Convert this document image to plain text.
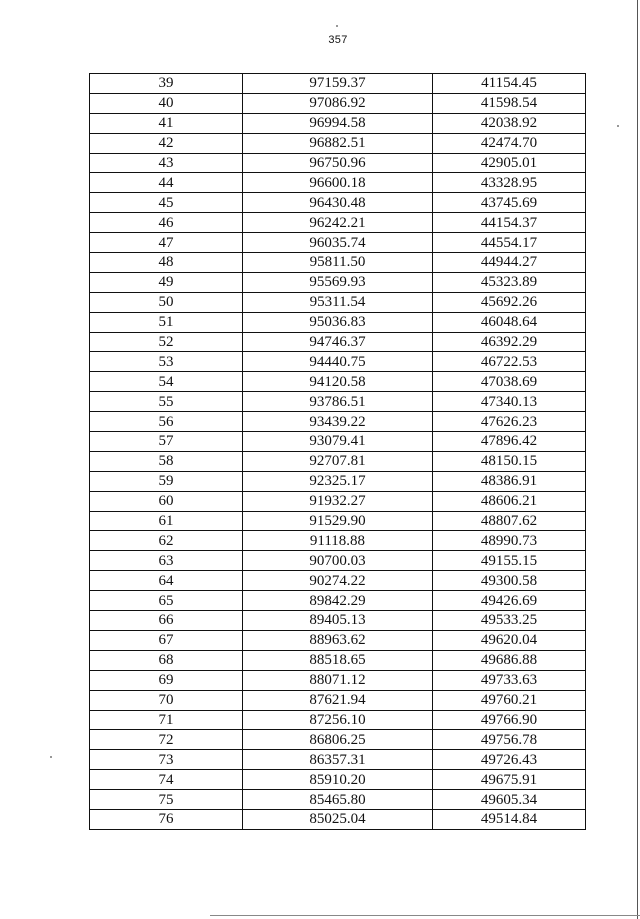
357
39	97159.37	41154.45
40	97086.92	41598.54
41	96994.58	42038.92
42	96882.51	42474.70
43	96750.96	42905.01
44	96600.18	43328.95
45	96430.48	43745.69
46	96242.21	44154.37
47	96035.74	44554.17
48	95811.50	44944.27
49	95569.93	45323.89
50	95311.54	45692.26
51	95036.83	46048.64
52	94746.37	46392.29
53	94440.75	46722.53
54	94120.58	47038.69
55	93786.51	47340.13
56	93439.22	47626.23
57	93079.41	47896.42
58	92707.81	48150.15
59	92325.17	48386.91
60	91932.27	48606.21
61	91529.90	48807.62
62	91118.88	48990.73
63	90700.03	49155.15
64	90274.22	49300.58
65	89842.29	49426.69
66	89405.13	49533.25
67	88963.62	49620.04
68	88518.65	49686.88
69	88071.12	49733.63
70	87621.94	49760.21
71	87256.10	49766.90
72	86806.25	49756.78
73	86357.31	49726.43
74	85910.20	49675.91
75	85465.80	49605.34
76	85025.04	49514.84
